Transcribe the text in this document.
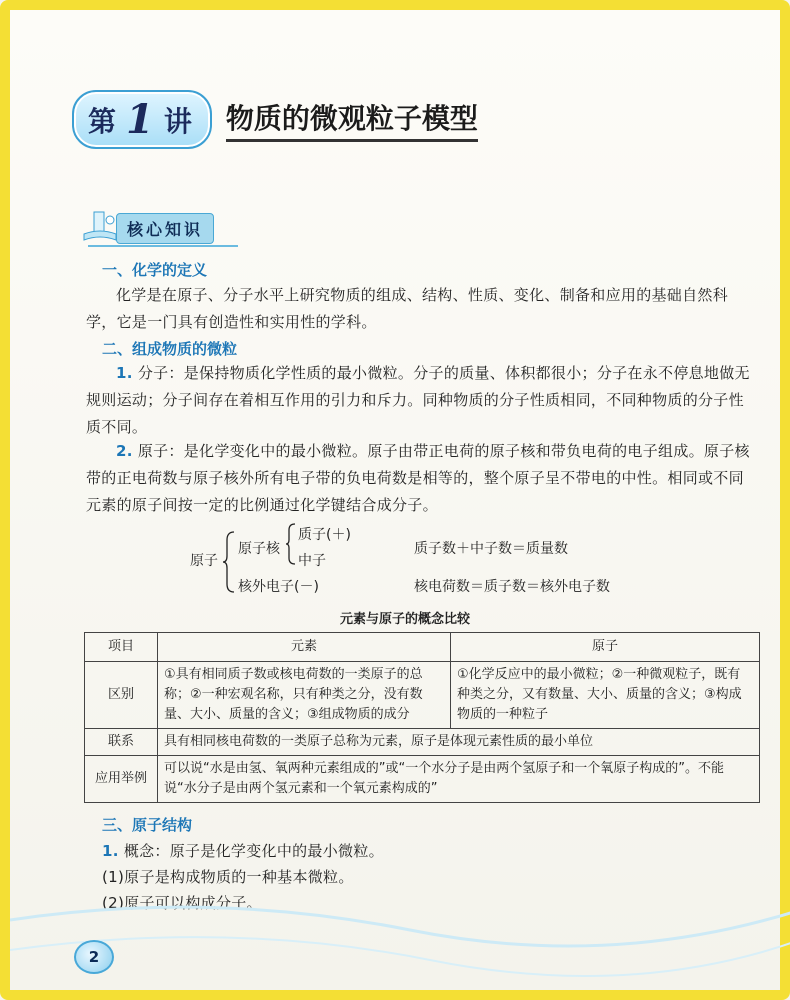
第 1 讲 物质的微观粒子模型
核心知识
一、化学的定义

化学是在原子、分子水平上研究物质的组成、结构、性质、变化、制备和应用的基础自然科学，它是一门具有创造性和实用性的学科。

二、组成物质的微粒

1. 分子：是保持物质化学性质的最小微粒。分子的质量、体积都很小；分子在永不停息地做无规则运动；分子间存在着相互作用的引力和斥力。同种物质的分子性质相同，不同种物质的分子性质不同。

2. 原子：是化学变化中的最小微粒。原子由带正电荷的原子核和带负电荷的电子组成。原子核带的正电荷数与原子核外所有电子带的负电荷数是相等的，整个原子呈不带电的中性。相同或不同元素的原子间按一定的比例通过化学键结合成分子。

原子
原子核
质子(＋)
中子
核外电子(－)
质子数＋中子数＝质量数
核电荷数＝质子数＝核外电子数
元素与原子的概念比较
项目	元素	原子
区别	①具有相同质子数或核电荷数的一类原子的总称；②一种宏观名称，只有种类之分，没有数量、大小、质量的含义；③组成物质的成分	①化学反应中的最小微粒；②一种微观粒子，既有种类之分，又有数量、大小、质量的含义；③构成物质的一种粒子
联系	具有相同核电荷数的一类原子总称为元素，原子是体现元素性质的最小单位	
应用举例	可以说“水是由氢、氧两种元素组成的”或“一个水分子是由两个氢原子和一个氧原子构成的”。不能说“水分子是由两个氢元素和一个氧元素构成的”	
三、原子结构

1. 概念：原子是化学变化中的最小微粒。

(1)原子是构成物质的一种基本微粒。

(2)原子可以构成分子。

2
